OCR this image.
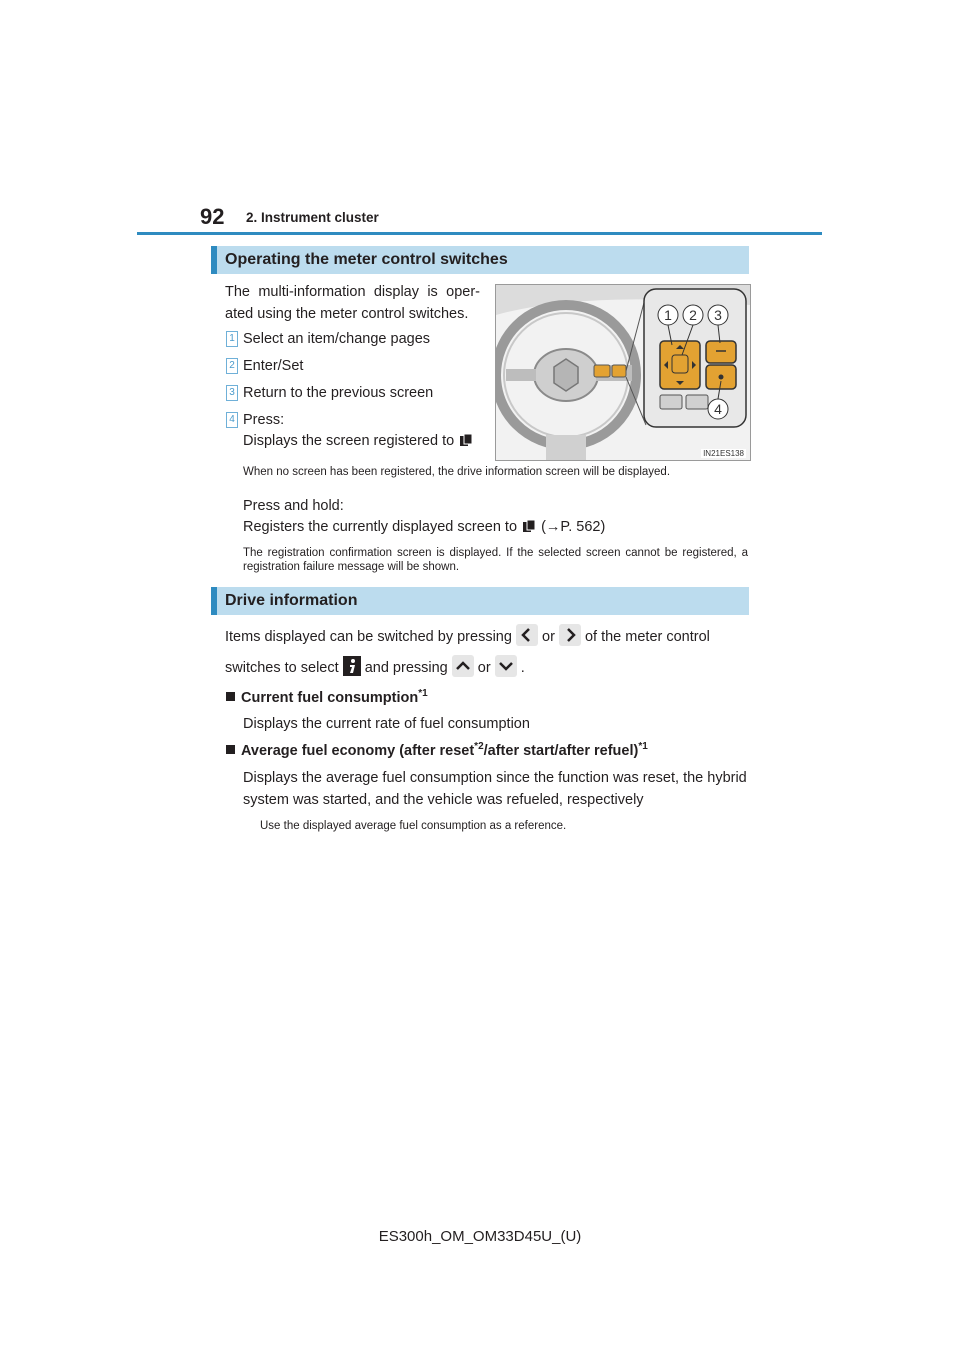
92 2. Instrument cluster
Operating the meter control switches
The multi-information display is oper-
ated using the meter control switches.
1 Select an item/change pages
2 Enter/Set
3 Return to the previous screen
4 Press:
Displays the screen registered to
1 2 3
4
IN21ES138
When no screen has been registered, the drive information screen will be displayed.
Press and hold:
Registers the currently displayed screen to (→P. 562)
The registration confirmation screen is displayed. If the selected screen cannot be registered, a registration failure message will be shown.
Drive information
Items displayed can be switched by pressing or of the meter control
switches to select and pressing or .
Current fuel consumption$^{*1}$
Displays the current rate of fuel consumption
Average fuel economy (after reset$^{*2}$/after start/after refuel)$^{*1}$
Displays the average fuel consumption since the function was reset, the hybrid
system was started, and the vehicle was refueled, respectively
Use the displayed average fuel consumption as a reference.
ES300h_OM_OM33D45U_(U)
